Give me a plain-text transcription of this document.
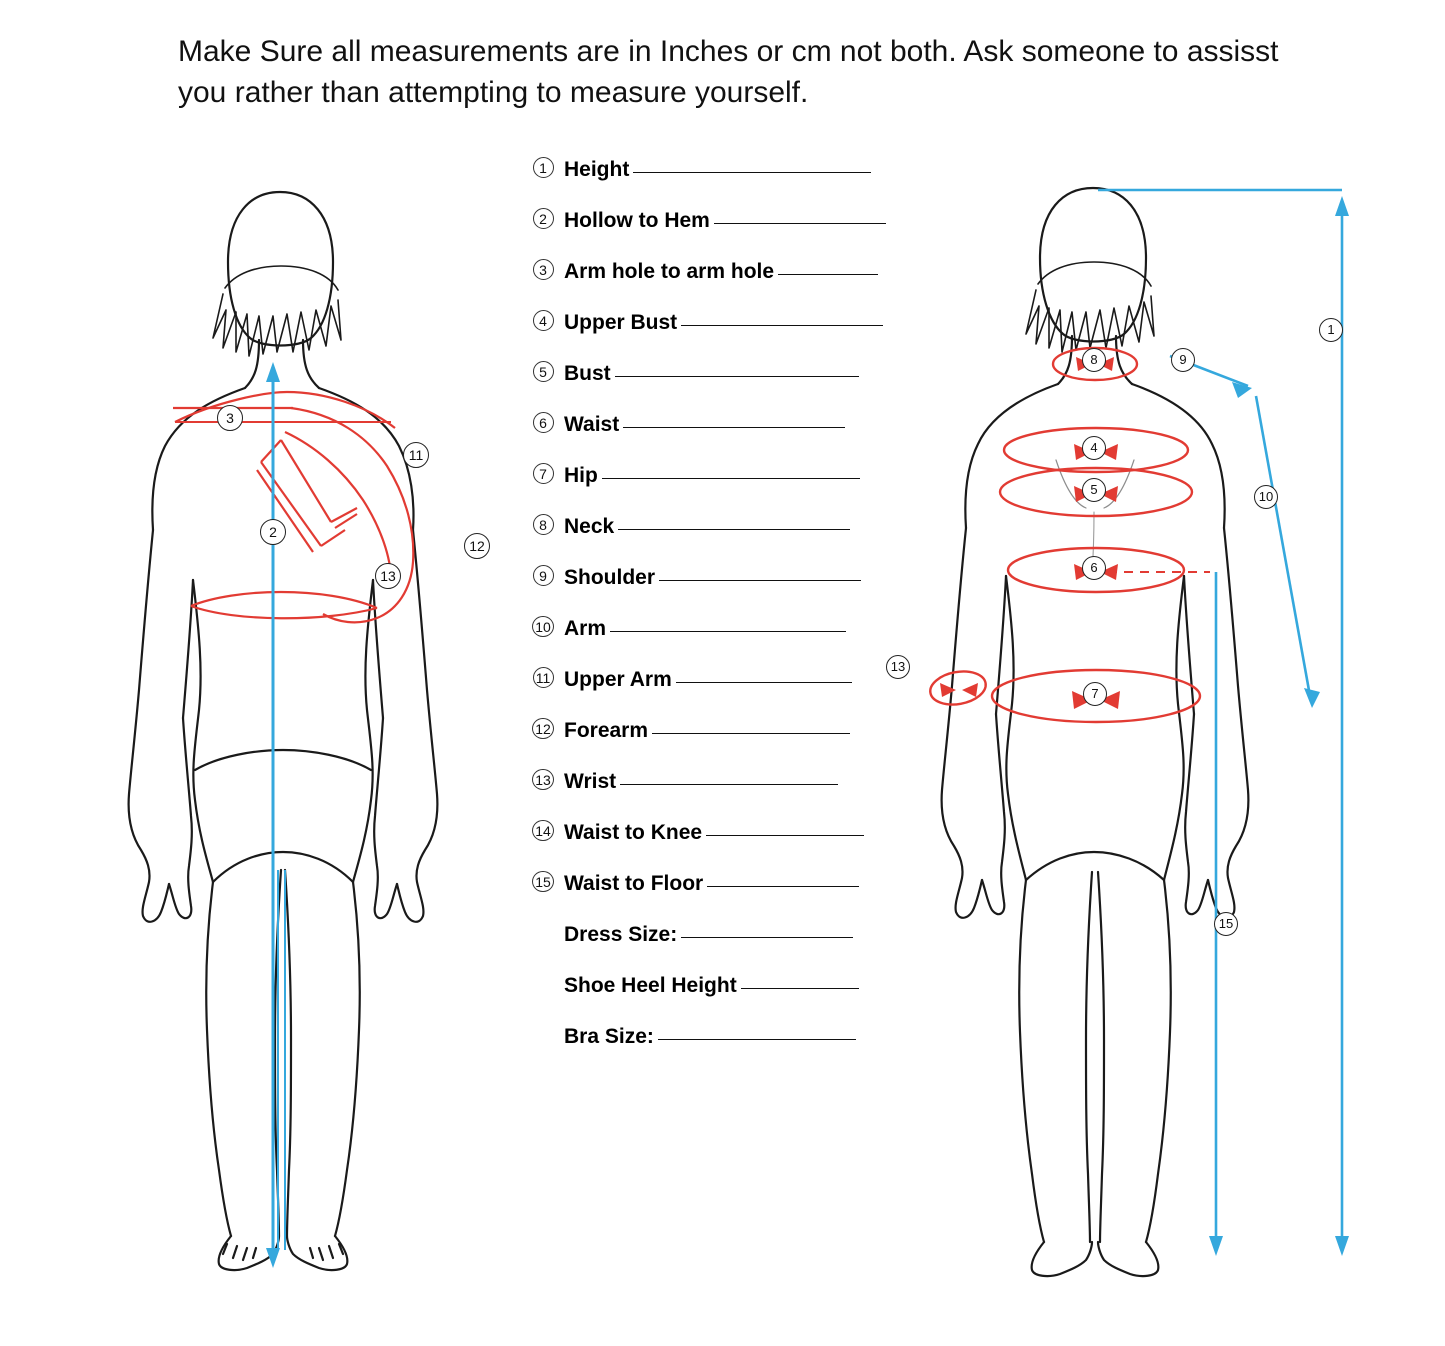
Make Sure all measurements are in Inches or cm not both. Ask someone to assisst you rather than attempting to measure yourself.
3
11
12
13
2
8	9
4
5
6
7
13
1
10
15
1 Height
2 Hollow to Hem
3 Arm hole to arm hole
4 Upper Bust
5 Bust
6 Waist
7 Hip
8 Neck
9 Shoulder
10 Arm
11 Upper Arm
12 Forearm
13 Wrist
14 Waist to Knee
15 Waist to Floor
Dress Size:
Shoe Heel Height
Bra Size:
